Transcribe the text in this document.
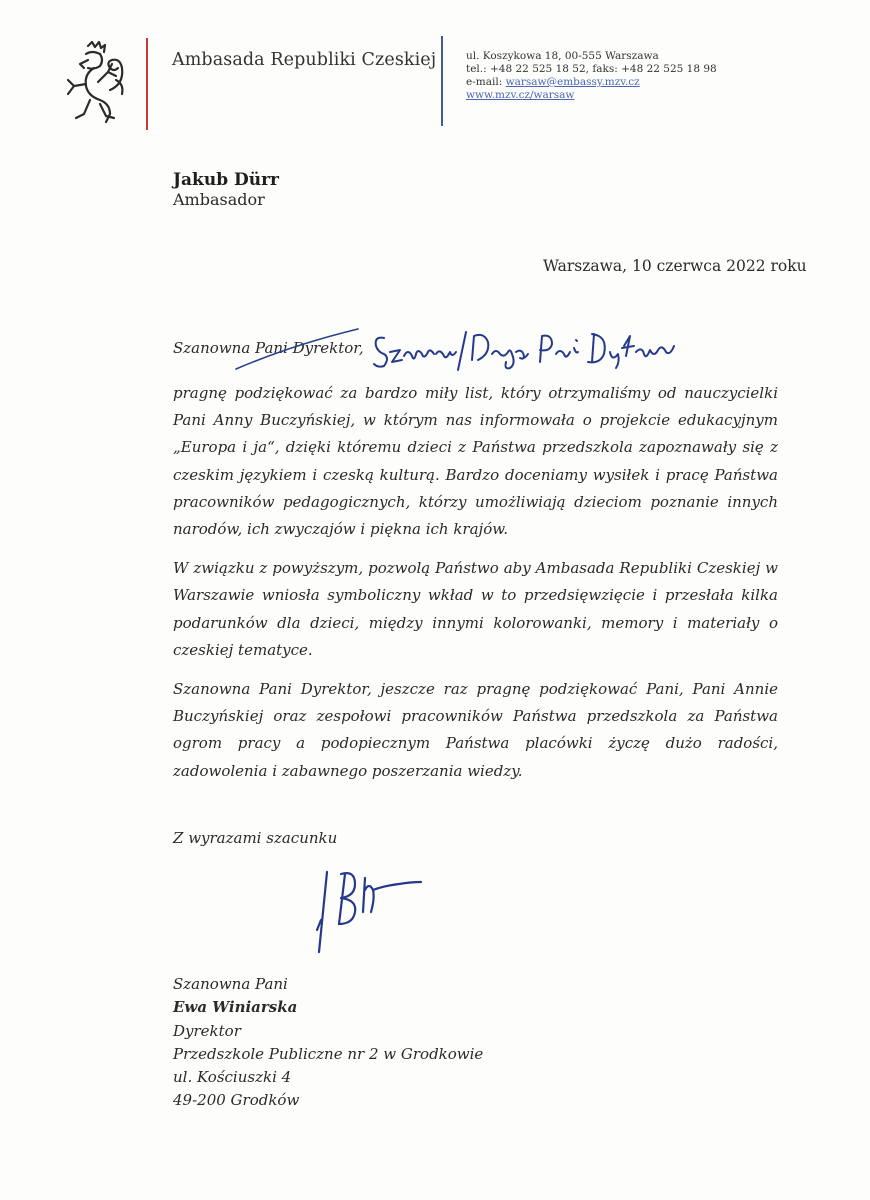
Ambasada Republiki Czeskiej	ul. Koszykowa 18, 00-555 Warszawa
tel.: +48 22 525 18 52, faks: +48 22 525 18 98
e-mail: warsaw@embassy.mzv.cz
www.mzv.cz/warsaw
Jakub Dürr
Ambasador
Warszawa, 10 czerwca 2022 roku
Szanowna Pani Dyrektor,

pragnę podziękować za bardzo miły list, który otrzymaliśmy od nauczycielki Pani Anny Buczyńskiej, w którym nas informowała o projekcie edukacyjnym „Europa i ja“, dzięki któremu dzieci z Państwa przedszkola zapoznawały się z czeskim językiem i czeską kulturą. Bardzo doceniamy wysiłek i pracę Państwa pracowników pedagogicznych, którzy umożliwiają dzieciom poznanie innych narodów, ich zwyczajów i piękna ich krajów.

W związku z powyższym, pozwolą Państwo aby Ambasada Republiki Czeskiej w Warszawie wniosła symboliczny wkład w to przedsięwzięcie i przesłała kilka podarunków dla dzieci, między innymi kolorowanki, memory i materiały o czeskiej tematyce.

Szanowna Pani Dyrektor, jeszcze raz pragnę podziękować Pani, Pani Annie Buczyńskiej oraz zespołowi pracowników Państwa przedszkola za Państwa ogrom pracy a podopiecznym Państwa placówki życzę dużo radości, zadowolenia i zabawnego poszerzania wiedzy.

Z wyrazami szacunku
Szanowna Pani
Ewa Winiarska
Dyrektor
Przedszkole Publiczne nr 2 w Grodkowie
ul. Kościuszki 4
49-200 Grodków
